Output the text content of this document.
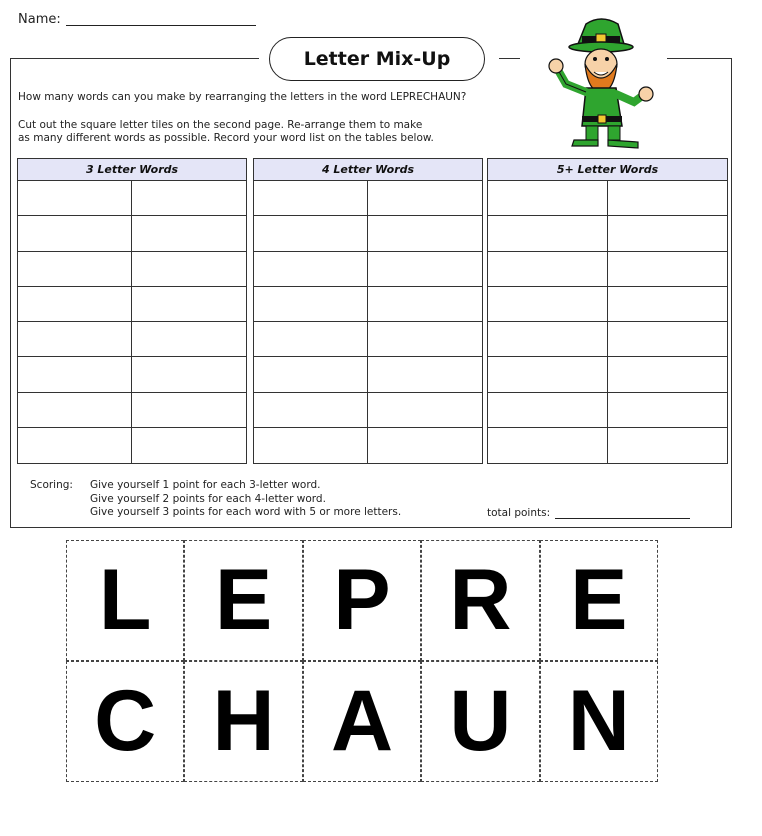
Name:
Letter Mix-Up
How many words can you make by rearranging the letters in the word LEPRECHAUN?
Cut out the square letter tiles on the second page. Re-arrange them to make
as many different words as possible. Record your word list on the tables below.
3 Letter Words	4 Letter Words	5+ Letter Words
Scoring: Give yourself 1 point for each 3-letter word.
Give yourself 2 points for each 4-letter word.
Give yourself 3 points for each word with 5 or more letters.	total points:
L E P R E
C H A U N
